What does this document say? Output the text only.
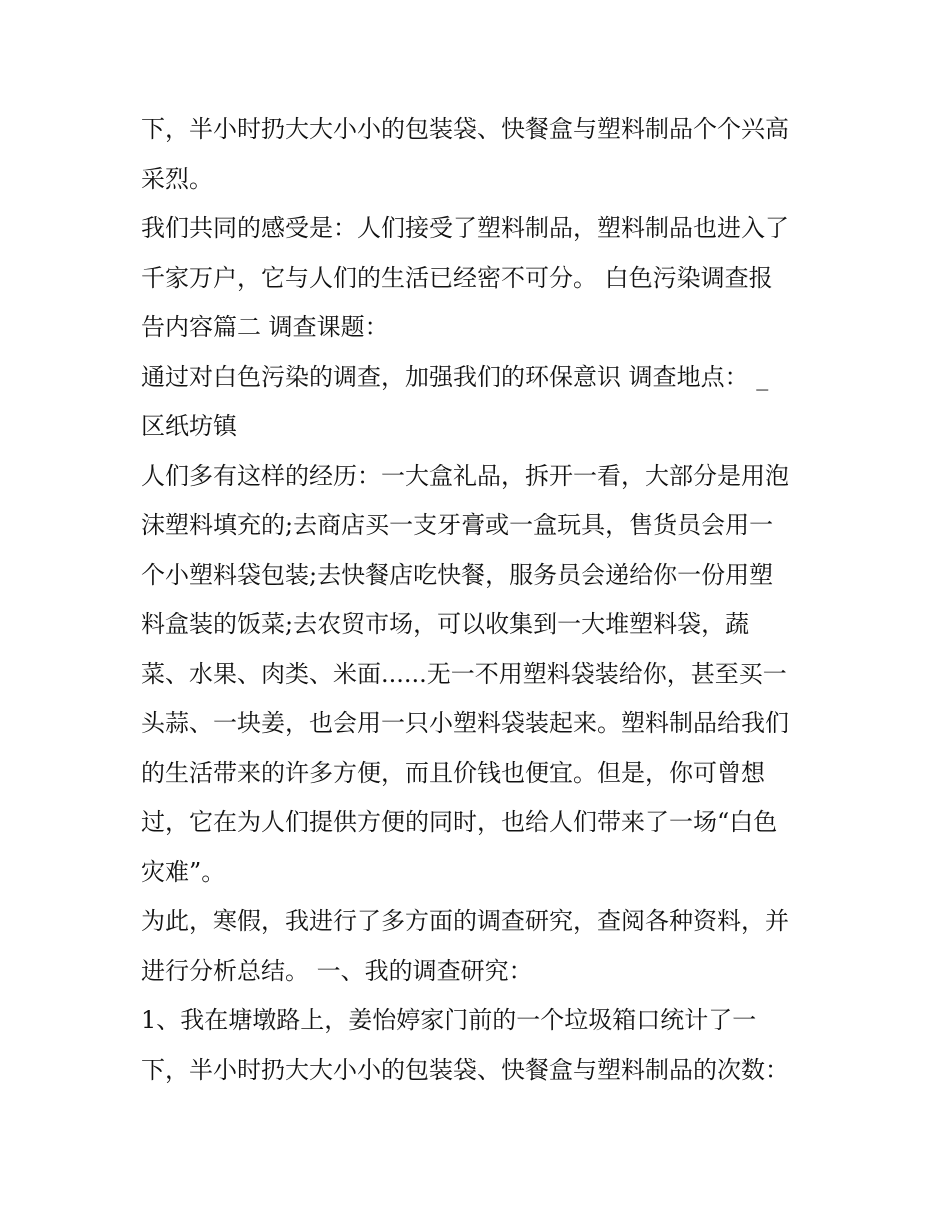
下，半小时扔大大小小的包装袋、快餐盒与塑料制品个个兴高
采烈。
我们共同的感受是：人们接受了塑料制品，塑料制品也进入了
千家万户，它与人们的生活已经密不可分。 白色污染调查报
告内容篇二 调查课题：
通过对白色污染的调查，加强我们的环保意识 调查地点： _
区纸坊镇
人们多有这样的经历：一大盒礼品，拆开一看，大部分是用泡
沫塑料填充的;去商店买一支牙膏或一盒玩具，售货员会用一
个小塑料袋包装;去快餐店吃快餐，服务员会递给你一份用塑
料盒装的饭菜;去农贸市场，可以收集到一大堆塑料袋，蔬
菜、水果、肉类、米面......无一不用塑料袋装给你，甚至买一
头蒜、一块姜，也会用一只小塑料袋装起来。塑料制品给我们
的生活带来的许多方便，而且价钱也便宜。但是，你可曾想
过，它在为人们提供方便的同时，也给人们带来了一场“白色
灾难”。
为此，寒假，我进行了多方面的调查研究，查阅各种资料，并
进行分析总结。 一、我的调查研究：
1、我在塘墩路上，姜怡婷家门前的一个垃圾箱口统计了一
下，半小时扔大大小小的包装袋、快餐盒与塑料制品的次数：
